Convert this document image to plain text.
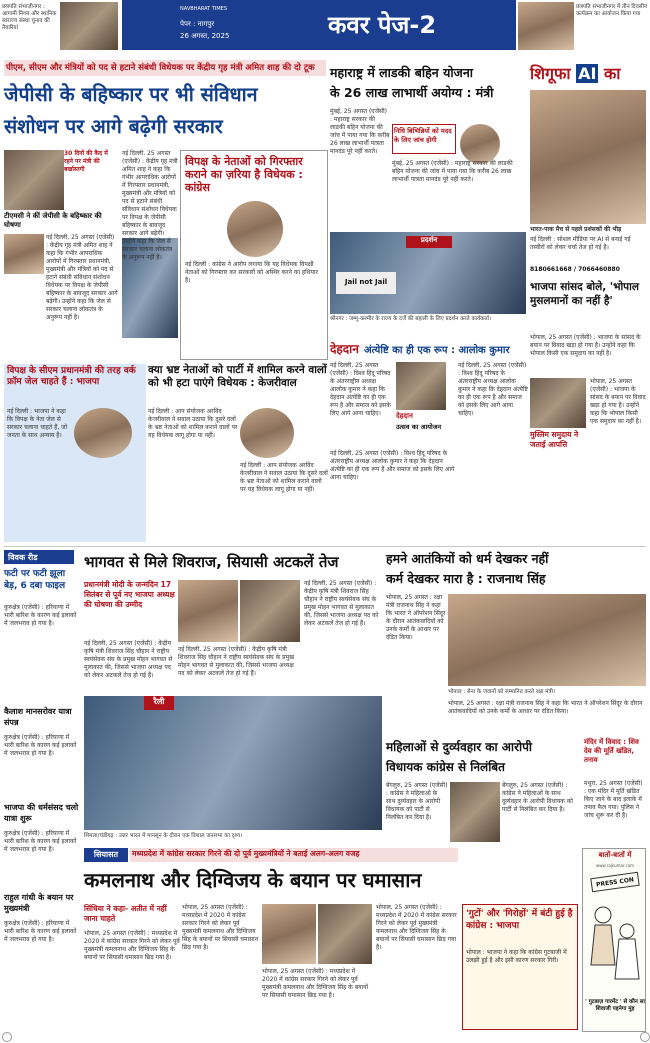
छत्रपति संभाजीनगर : आगामी निगम और स्थानिक स्वराज्य संस्था चुनाव की तैयारियां
NAVBHARAT TIMES
पेपर : नागपुर
26 अगस्त, 2025	कवर पेज-2
छत्रपति संभाजीनगर में तीन दिवसीय कार्यक्रम का आयोजन किया गया
पीएम, सीएम और मंत्रियों को पद से हटाने संबंधी विधेयक पर केंद्रीय गृह मंत्री अमित शाह की दो टूक
जेपीसी के बहिष्कार पर भी संविधान
संशोधन पर आगे बढ़ेगी सरकार
30 दिनों की कैद में रहने पर मंत्री की बर्खास्तगी
टीएमसी ने कीं जेपीसी के बहिष्कार की घोषणा
नई दिल्ली, 25 अगस्त (एजेंसी) : केंद्रीय गृह मंत्री अमित शाह ने कहा कि गंभीर आपराधिक आरोपों में गिरफ्तार प्रधानमंत्री, मुख्यमंत्री और मंत्रियों को पद से हटाने संबंधी संविधान संशोधन विधेयक पर विपक्ष के जेपीसी बहिष्कार के बावजूद सरकार आगे बढ़ेगी। उन्होंने कहा कि जेल से सरकार चलाना लोकतंत्र के अनुरूप नहीं है।
नई दिल्ली, 25 अगस्त (एजेंसी) : केंद्रीय गृह मंत्री अमित शाह ने कहा कि गंभीर आपराधिक आरोपों में गिरफ्तार प्रधानमंत्री, मुख्यमंत्री और मंत्रियों को पद से हटाने संबंधी संविधान संशोधन विधेयक पर विपक्ष के जेपीसी बहिष्कार के बावजूद सरकार आगे बढ़ेगी। उन्होंने कहा कि जेल से सरकार चलाना लोकतंत्र के अनुरूप नहीं है।
विपक्ष के नेताओं को गिरफ्तार कराने का ज़रिया है विधेयक : कांग्रेस
नई दिल्ली : कांग्रेस ने आरोप लगाया कि यह विधेयक विपक्षी नेताओं को गिरफ्तार कर सरकारों को अस्थिर करने का हथियार है।
विपक्ष के सीएम प्रधानमंत्री की तरह वर्क फ्रॉम जेल चाहते हैं : भाजपा
नई दिल्ली : भाजपा ने कहा कि विपक्ष के नेता जेल से सरकार चलाना चाहते हैं, जो जनता के साथ अन्याय है।
क्या भ्रष्ट नेताओं को पार्टी में शामिल करने वालों को भी हटा पाएंगे विधेयक : केजरीवाल
नई दिल्ली : आप संयोजक अरविंद केजरीवाल ने सवाल उठाया कि दूसरे दलों के भ्रष्ट नेताओं को शामिल कराने वालों पर यह विधेयक लागू होगा या नहीं।
नई दिल्ली : आप संयोजक अरविंद केजरीवाल ने सवाल उठाया कि दूसरे दलों के भ्रष्ट नेताओं को शामिल कराने वालों पर यह विधेयक लागू होगा या नहीं।
महाराष्ट्र में लाडकी बहिन योजना
के 26 लाख लाभार्थी अयोग्य : मंत्री
मुंबई, 25 अगस्त (एजेंसी) : महाराष्ट्र सरकार की लाडकी बहिन योजना की जांच में पाया गया कि करीब 26 लाख लाभार्थी पात्रता मानदंड पूरे नहीं करते।
निधि बिभिन्नियों को मदद के लिए जांच होगी
मुंबई, 25 अगस्त (एजेंसी) : महाराष्ट्र सरकार की लाडकी बहिन योजना की जांच में पाया गया कि करीब 26 लाख लाभार्थी पात्रता मानदंड पूरे नहीं करते।
प्रदर्शन
Jail not Jail
श्रीनगर : जम्मू-कश्मीर के राज्य के दर्जे की बहाली के लिए प्रदर्शन करते कार्यकर्ता।
शिगूफा AI का
भारत-पाक मैच से पहले प्रशंसकों की भीड़
नई दिल्ली : सोशल मीडिया पर AI से बनाई गई तस्वीरों को लेकर चर्चा तेज हो गई है।
8180661668 / 7066460880
भाजपा सांसद बोले, 'भोपाल मुसलमानों का नहीं है'
भोपाल, 25 अगस्त (एजेंसी) : भाजपा के सांसद के बयान पर विवाद खड़ा हो गया है। उन्होंने कहा कि भोपाल किसी एक समुदाय का नहीं है।
मुस्लिम समुदाय ने जताई आपत्ति
भोपाल, 25 अगस्त (एजेंसी) : भाजपा के सांसद के बयान पर विवाद खड़ा हो गया है। उन्होंने कहा कि भोपाल किसी एक समुदाय का नहीं है।
देहदान अंत्येष्टि का ही एक रूप : आलोक कुमार
नई दिल्ली, 25 अगस्त (एजेंसी) : विश्व हिंदू परिषद के अंतरराष्ट्रीय अध्यक्ष आलोक कुमार ने कहा कि देहदान अंत्येष्टि का ही एक रूप है और समाज को इसके लिए आगे आना चाहिए।	देहदान
उत्सव का आयोजन
नई दिल्ली, 25 अगस्त (एजेंसी) : विश्व हिंदू परिषद के अंतरराष्ट्रीय अध्यक्ष आलोक कुमार ने कहा कि देहदान अंत्येष्टि का ही एक रूप है और समाज को इसके लिए आगे आना चाहिए।
नई दिल्ली, 25 अगस्त (एजेंसी) : विश्व हिंदू परिषद के अंतरराष्ट्रीय अध्यक्ष आलोक कुमार ने कहा कि देहदान अंत्येष्टि का ही एक रूप है और समाज को इसके लिए आगे आना चाहिए।
विवक रीड
फटी पर फटी झूला बेड़, 6 दबा फाइल
कुरुक्षेत्र (एजेंसी) : हरियाणा में भारी बारिश के कारण कई इलाकों में जलभराव हो गया है।
कैलाश मानसरोवर यात्रा संपन्न
कुरुक्षेत्र (एजेंसी) : हरियाणा में भारी बारिश के कारण कई इलाकों में जलभराव हो गया है।
भाजपा की धर्मसंसद चलो यात्रा शुरू
कुरुक्षेत्र (एजेंसी) : हरियाणा में भारी बारिश के कारण कई इलाकों में जलभराव हो गया है।
राहुल गांधी के बयान पर मुख्यमंत्री
कुरुक्षेत्र (एजेंसी) : हरियाणा में भारी बारिश के कारण कई इलाकों में जलभराव हो गया है।
भागवत से मिले शिवराज, सियासी अटकलें तेज
प्रधानमंत्री मोदी के जन्मदिन 17 सितंबर से पूर्व नए भाजपा अध्यक्ष की घोषणा की उम्मीद
नई दिल्ली, 25 अगस्त (एजेंसी) : केंद्रीय कृषि मंत्री शिवराज सिंह चौहान ने राष्ट्रीय स्वयंसेवक संघ के प्रमुख मोहन भागवत से मुलाकात की, जिससे भाजपा अध्यक्ष पद को लेकर अटकलें तेज हो गई हैं।
नई दिल्ली, 25 अगस्त (एजेंसी) : केंद्रीय कृषि मंत्री शिवराज सिंह चौहान ने राष्ट्रीय स्वयंसेवक संघ के प्रमुख मोहन भागवत से मुलाकात की, जिससे भाजपा अध्यक्ष पद को लेकर अटकलें तेज हो गई हैं।
नई दिल्ली, 25 अगस्त (एजेंसी) : केंद्रीय कृषि मंत्री शिवराज सिंह चौहान ने राष्ट्रीय स्वयंसेवक संघ के प्रमुख मोहन भागवत से मुलाकात की, जिससे भाजपा अध्यक्ष पद को लेकर अटकलें तेज हो गई हैं।
रैली
शिमला/चंडीगढ़ : उत्तर भारत में मानसून के दौरान एक विशाल जनसभा का दृश्य।
हमने आतंकियों को धर्म देखकर नहीं
कर्म देखकर मारा है : राजनाथ सिंह
भोपाल, 25 अगस्त : रक्षा मंत्री राजनाथ सिंह ने कहा कि भारत ने ऑपरेशन सिंदूर के दौरान आतंकवादियों को उनके कर्मों के आधार पर दंडित किया।
भोपाल : सेना के जवानों को सम्मानित करते रक्षा मंत्री।
भोपाल, 25 अगस्त : रक्षा मंत्री राजनाथ सिंह ने कहा कि भारत ने ऑपरेशन सिंदूर के दौरान आतंकवादियों को उनके कर्मों के आधार पर दंडित किया।
महिलाओं से दुर्व्यवहार का आरोपी
विधायक कांग्रेस से निलंबित
बेंगलुरु, 25 अगस्त (एजेंसी) : कांग्रेस ने महिलाओं के साथ दुर्व्यवहार के आरोपी विधायक को पार्टी से निलंबित कर दिया है।
बेंगलुरु, 25 अगस्त (एजेंसी) : कांग्रेस ने महिलाओं के साथ दुर्व्यवहार के आरोपी विधायक को पार्टी से निलंबित कर दिया है।
मंदिर में विवाद : शिव देव की मूर्ति खंडित, तनाव
मथुरा, 25 अगस्त (एजेंसी) : एक मंदिर में मूर्ति खंडित किए जाने के बाद इलाके में तनाव फैल गया। पुलिस ने जांच शुरू कर दी है।
सियासत	मध्यप्रदेश में कांग्रेस सरकार गिरने की दो पूर्व मुख्यमंत्रियों ने बताई अलग-अलग वजह
कमलनाथ और दिग्विजय के बयान पर घमासान
सिंधिया ने कहा- अतीत में नहीं जाना चाहते
भोपाल, 25 अगस्त (एजेंसी) : मध्यप्रदेश में 2020 में कांग्रेस सरकार गिरने को लेकर पूर्व मुख्यमंत्री कमलनाथ और दिग्विजय सिंह के बयानों पर सियासी घमासान छिड़ गया है।
भोपाल, 25 अगस्त (एजेंसी) : मध्यप्रदेश में 2020 में कांग्रेस सरकार गिरने को लेकर पूर्व मुख्यमंत्री कमलनाथ और दिग्विजय सिंह के बयानों पर सियासी घमासान छिड़ गया है।
भोपाल, 25 अगस्त (एजेंसी) : मध्यप्रदेश में 2020 में कांग्रेस सरकार गिरने को लेकर पूर्व मुख्यमंत्री कमलनाथ और दिग्विजय सिंह के बयानों पर सियासी घमासान छिड़ गया है।
भोपाल, 25 अगस्त (एजेंसी) : मध्यप्रदेश में 2020 में कांग्रेस सरकार गिरने को लेकर पूर्व मुख्यमंत्री कमलनाथ और दिग्विजय सिंह के बयानों पर सियासी घमासान छिड़ गया है।
'गुटों' और 'गिरोहों' में बंटी हुई है कांग्रेस : भाजपा
भोपाल : भाजपा ने कहा कि कांग्रेस गुटबाजी में उलझी हुई है और इसी कारण सरकार गिरी।
बातों-बातों में
www.rajkumar.com
PRESS CON
' गुटबाज़ गारमेंट ' से कौन सा शिवाजी पहनेगा मुंह
